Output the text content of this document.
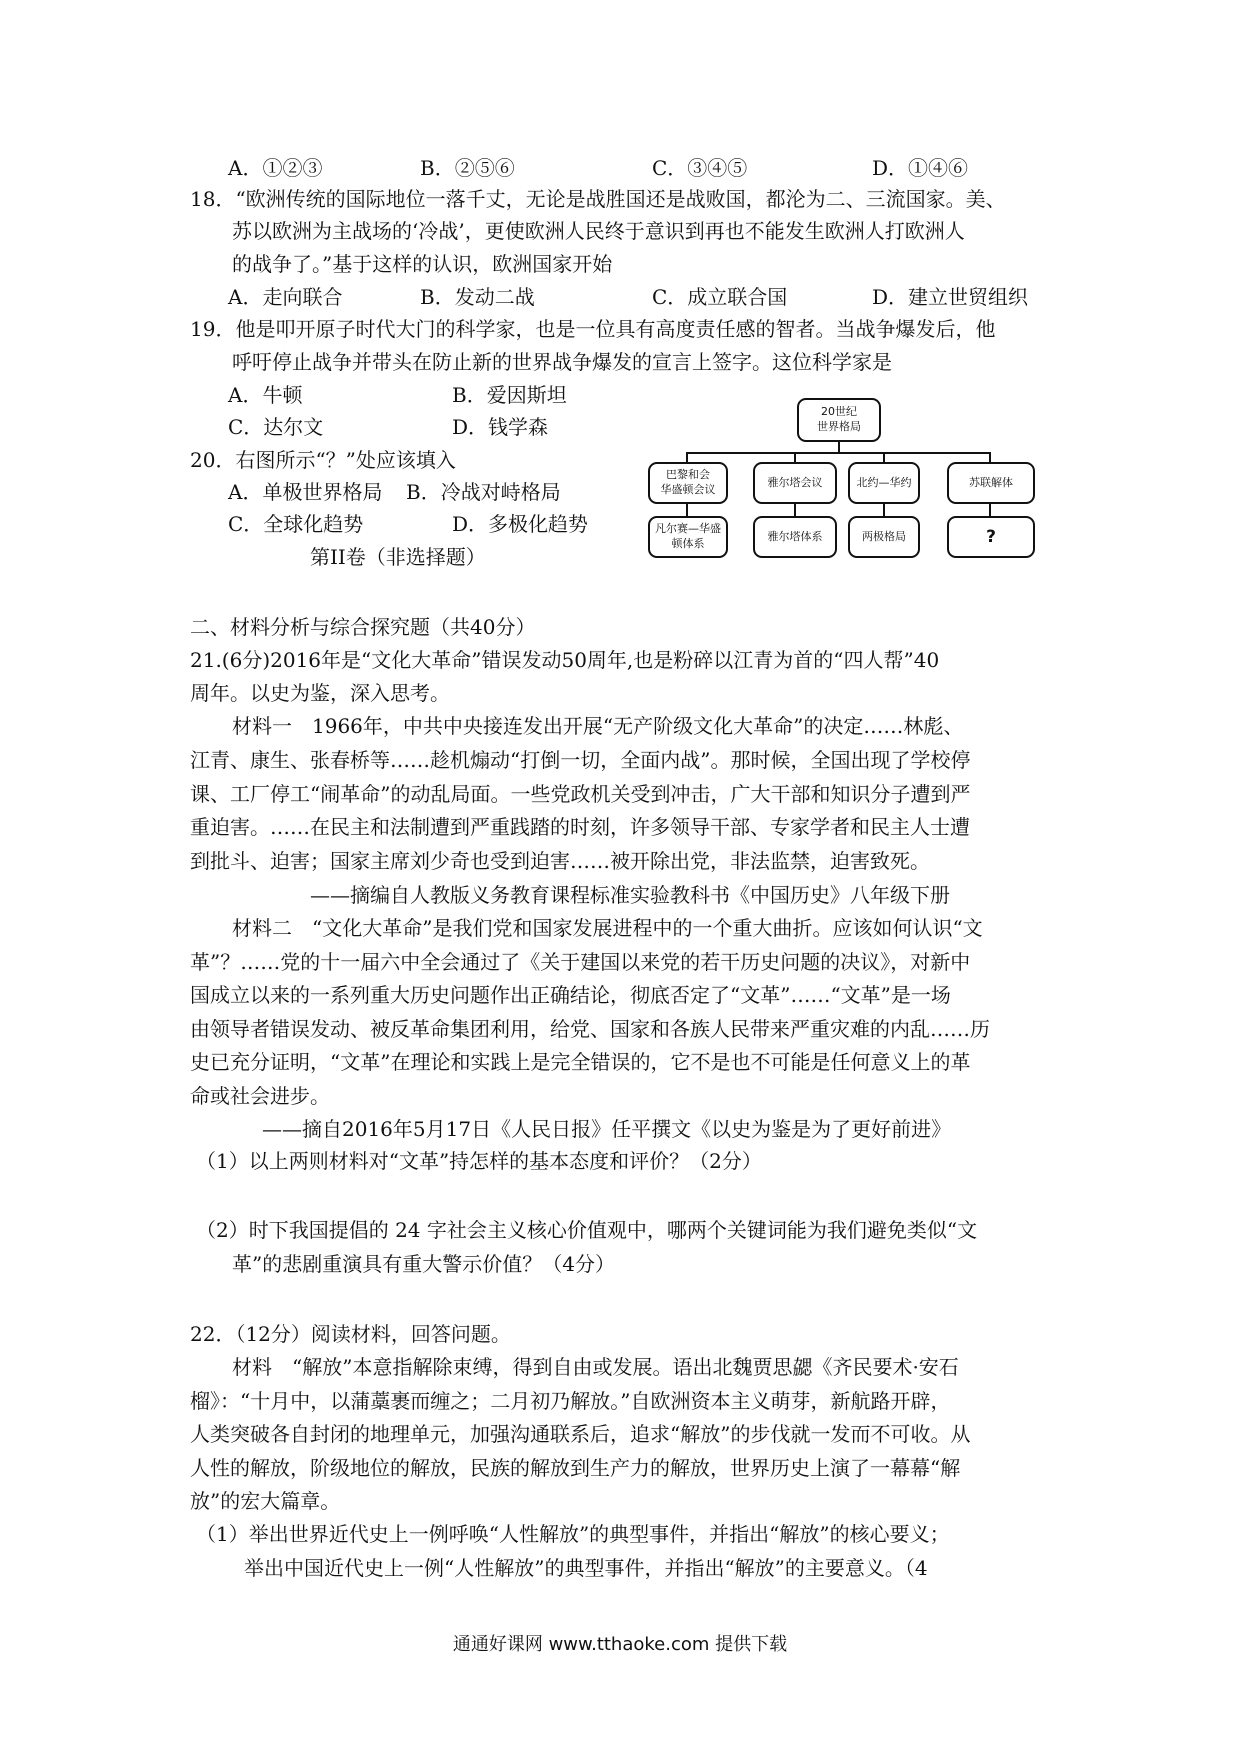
A．①②③	B．②⑤⑥	C．③④⑤	D．①④⑥
18．“欧洲传统的国际地位一落千丈，无论是战胜国还是战败国，都沦为二、三流国家。美、
苏以欧洲为主战场的‘冷战’，更使欧洲人民终于意识到再也不能发生欧洲人打欧洲人
的战争了。”基于这样的认识，欧洲国家开始
A．走向联合	B．发动二战	C．成立联合国	D．建立世贸组织
19．他是叩开原子时代大门的科学家，也是一位具有高度责任感的智者。当战争爆发后，他
呼吁停止战争并带头在防止新的世界战争爆发的宣言上签字。这位科学家是
A．牛顿	B．爱因斯坦
C．达尔文	D．钱学森
20．右图所示“？”处应该填入
A．单极世界格局 B．冷战对峙格局
C．全球化趋势	D．多极化趋势
20世纪
世界格局
巴黎和会
华盛顿会议
雅尔塔会议	北约—华约	苏联解体
凡尔赛—华盛
顿体系
雅尔塔体系	两极格局	?
第II卷（非选择题）
二、材料分析与综合探究题（共40分）
21.(6分)2016年是“文化大革命”错误发动50周年,也是粉碎以江青为首的“四人帮”40
周年。以史为鉴，深入思考。
材料一　1966年，中共中央接连发出开展“无产阶级文化大革命”的决定……林彪、
江青、康生、张春桥等……趁机煽动“打倒一切，全面内战”。那时候，全国出现了学校停
课、工厂停工“闹革命”的动乱局面。一些党政机关受到冲击，广大干部和知识分子遭到严
重迫害。……在民主和法制遭到严重践踏的时刻，许多领导干部、专家学者和民主人士遭
到批斗、迫害；国家主席刘少奇也受到迫害……被开除出党，非法监禁，迫害致死。
——摘编自人教版义务教育课程标准实验教科书《中国历史》八年级下册
材料二　“文化大革命”是我们党和国家发展进程中的一个重大曲折。应该如何认识“文
革”？……党的十一届六中全会通过了《关于建国以来党的若干历史问题的决议》，对新中
国成立以来的一系列重大历史问题作出正确结论，彻底否定了“文革”……“文革”是一场
由领导者错误发动、被反革命集团利用，给党、国家和各族人民带来严重灾难的内乱……历
史已充分证明，“文革”在理论和实践上是完全错误的，它不是也不可能是任何意义上的革
命或社会进步。
——摘自2016年5月17日《人民日报》任平撰文《以史为鉴是为了更好前进》
（1）以上两则材料对“文革”持怎样的基本态度和评价？（2分）
（2）时下我国提倡的 24 字社会主义核心价值观中，哪两个关键词能为我们避免类似“文
革”的悲剧重演具有重大警示价值？（4分）
22．（12分）阅读材料，回答问题。
材料　“解放”本意指解除束缚，得到自由或发展。语出北魏贾思勰《齐民要术·安石
榴》：“十月中，以蒲藁裹而缠之；二月初乃解放。”自欧洲资本主义萌芽，新航路开辟，
人类突破各自封闭的地理单元，加强沟通联系后，追求“解放”的步伐就一发而不可收。从
人性的解放，阶级地位的解放，民族的解放到生产力的解放，世界历史上演了一幕幕“解
放”的宏大篇章。
（1）举出世界近代史上一例呼唤“人性解放”的典型事件，并指出“解放”的核心要义；
举出中国近代史上一例“人性解放”的典型事件，并指出“解放”的主要意义。（4
通通好课网 www.tthaoke.com 提供下载
